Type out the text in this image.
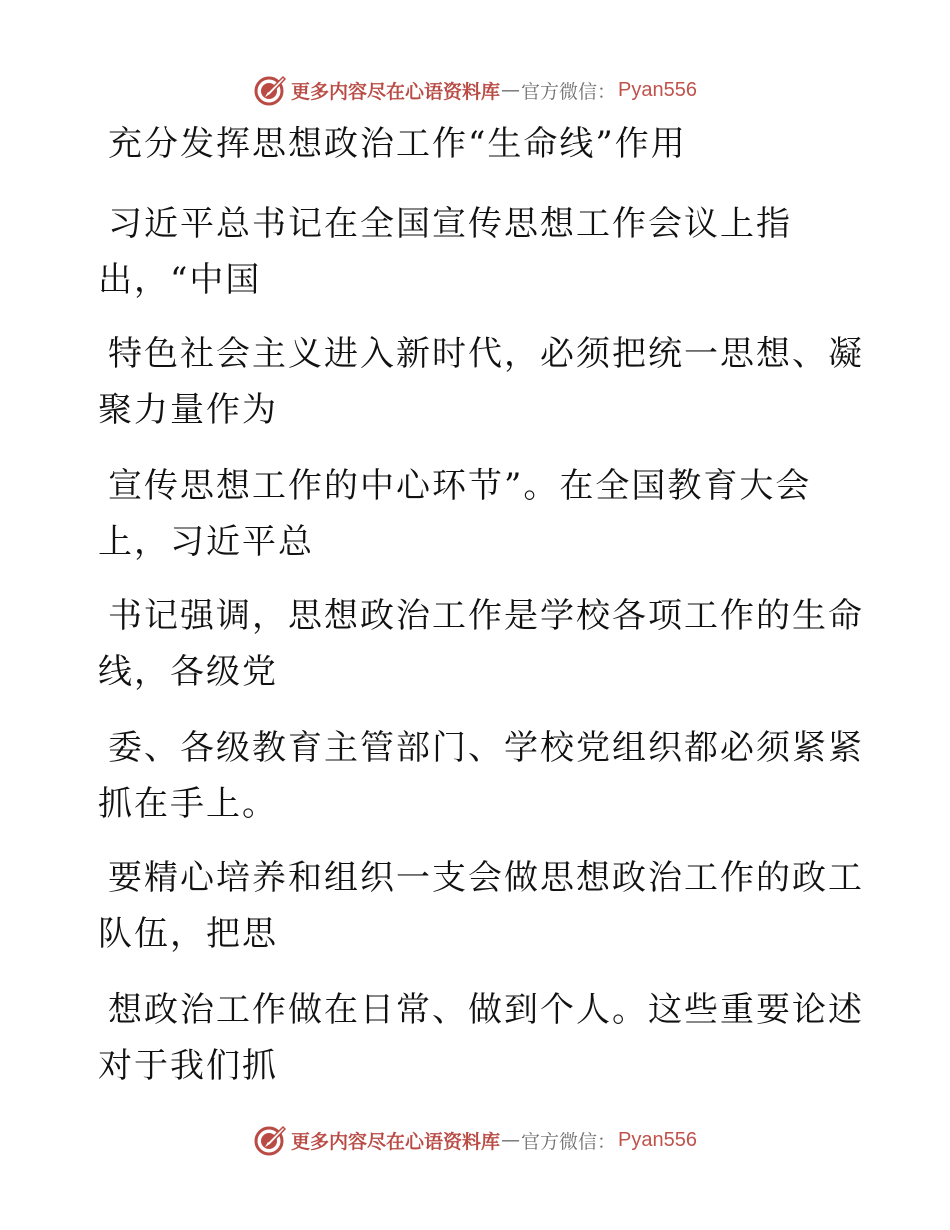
更多内容尽在心语资料库 — 官方微信： Pyan556
充分发挥思想政治工作“生命线”作用
习近平总书记在全国宣传思想工作会议上指
出，“中国
特色社会主义进入新时代，必须把统一思想、凝
聚力量作为
宣传思想工作的中心环节”。在全国教育大会
上，习近平总
书记强调，思想政治工作是学校各项工作的生命
线，各级党
委、各级教育主管部门、学校党组织都必须紧紧
抓在手上。
要精心培养和组织一支会做思想政治工作的政工
队伍，把思
想政治工作做在日常、做到个人。这些重要论述
对于我们抓
更多内容尽在心语资料库 — 官方微信： Pyan556
